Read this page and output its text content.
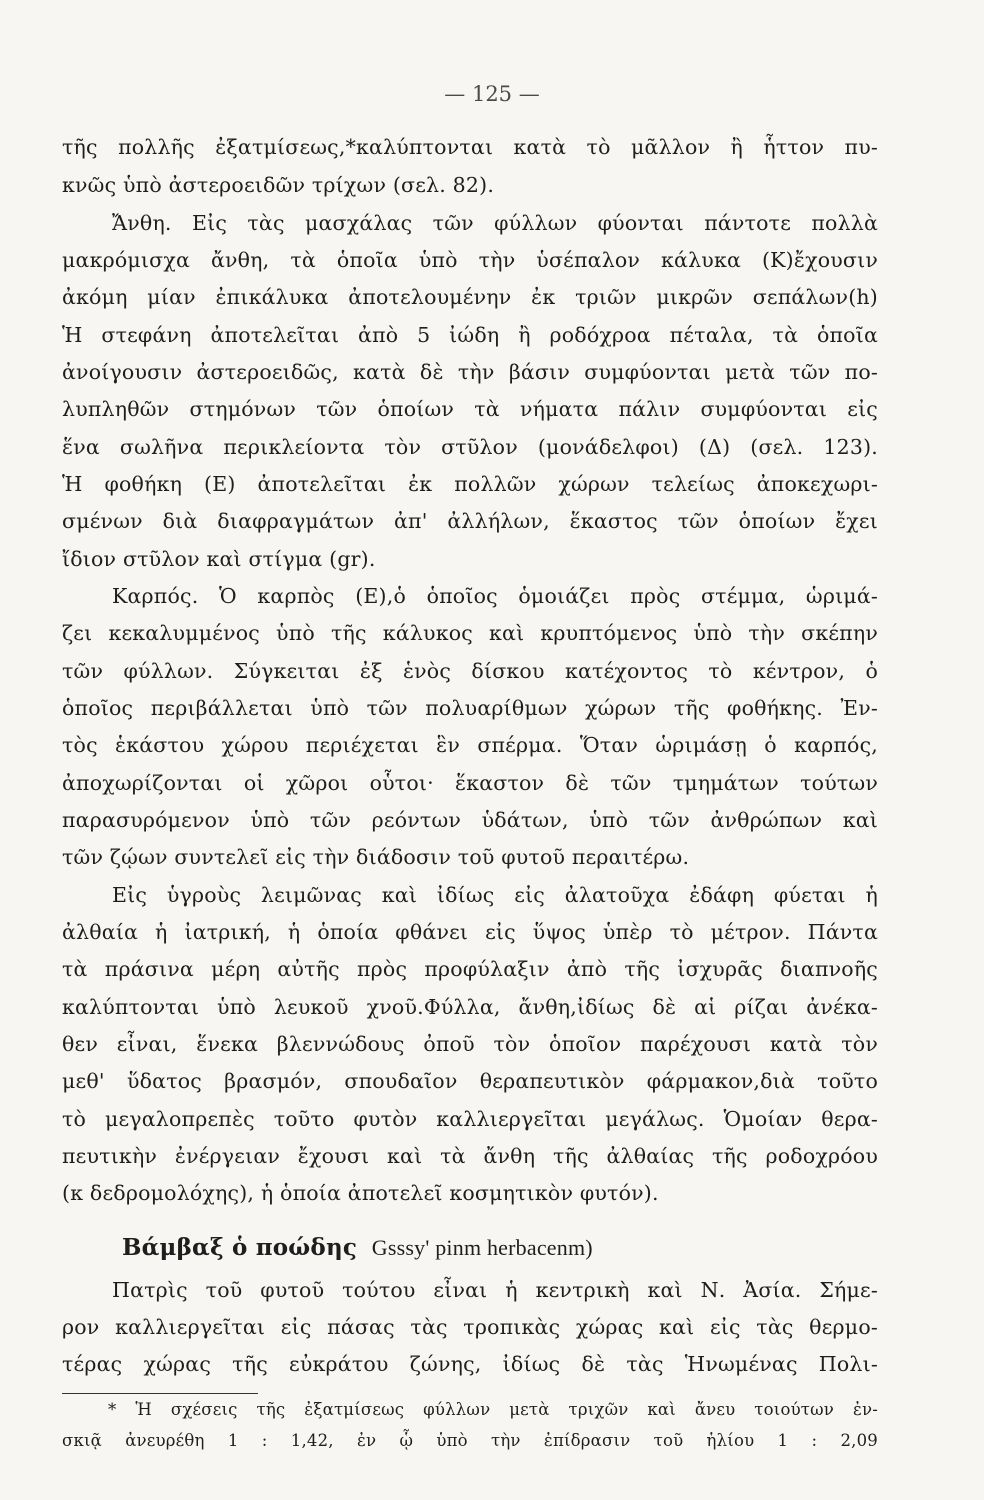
— 125 —
τῆς πολλῆς ἐξατμίσεως,*καλύπτονται κατὰ τὸ μᾶλλον ἢ ἧττον πυ-
κνῶς ὑπὸ ἀστεροειδῶν τρίχων (σελ. 82).
Ἄνθη. Εἰς τὰς μασχάλας τῶν φύλλων φύονται πάντοτε πολλὰ
μακρόμισχα ἄνθη, τὰ ὁποῖα ὑπὸ τὴν ὑσέπαλον κάλυκα (Κ)ἔχουσιν
ἀκόμη μίαν ἐπικάλυκα ἀποτελουμένην ἐκ τριῶν μικρῶν σεπάλων(h)
Ἡ στεφάνη ἀποτελεῖται ἀπὸ 5 ἰώδη ἢ ροδόχροα πέταλα, τὰ ὁποῖα
ἀνοίγουσιν ἀστεροειδῶς, κατὰ δὲ τὴν βάσιν συμφύονται μετὰ τῶν πο-
λυπληθῶν στημόνων τῶν ὁποίων τὰ νήματα πάλιν συμφύονται εἰς
ἕνα σωλῆνα περικλείοντα τὸν στῦλον (μονάδελφοι) (Δ) (σελ. 123).
Ἡ φοθήκη (Ε) ἀποτελεῖται ἐκ πολλῶν χώρων τελείως ἀποκεχωρι-
σμένων διὰ διαφραγμάτων ἀπ' ἀλλήλων, ἕκαστος τῶν ὁποίων ἔχει
ἴδιον στῦλον καὶ στίγμα (gr).
Καρπός. Ὁ καρπὸς (Ε),ὁ ὁποῖος ὁμοιάζει πρὸς στέμμα, ὡριμά-
ζει κεκαλυμμένος ὑπὸ τῆς κάλυκος καὶ κρυπτόμενος ὑπὸ τὴν σκέπην
τῶν φύλλων. Σύγκειται ἐξ ἑνὸς δίσκου κατέχοντος τὸ κέντρον, ὁ
ὁποῖος περιβάλλεται ὑπὸ τῶν πολυαρίθμων χώρων τῆς φοθήκης. Ἐν-
τὸς ἑκάστου χώρου περιέχεται ἓν σπέρμα. Ὅταν ὡριμάσῃ ὁ καρπός,
ἀποχωρίζονται οἱ χῶροι οὗτοι· ἕκαστον δὲ τῶν τμημάτων τούτων
παρασυρόμενον ὑπὸ τῶν ρεόντων ὑδάτων, ὑπὸ τῶν ἀνθρώπων καὶ
τῶν ζῴων συντελεῖ εἰς τὴν διάδοσιν τοῦ φυτοῦ περαιτέρω.
Εἰς ὑγροὺς λειμῶνας καὶ ἰδίως εἰς ἀλατοῦχα ἐδάφη φύεται ἡ
ἀλθαία ἡ ἰατρική, ἡ ὁποία φθάνει εἰς ὕψος ὑπὲρ τὸ μέτρον. Πάντα
τὰ πράσινα μέρη αὐτῆς πρὸς προφύλαξιν ἀπὸ τῆς ἰσχυρᾶς διαπνοῆς
καλύπτονται ὑπὸ λευκοῦ χνοῦ.Φύλλα, ἄνθη,ἰδίως δὲ αἱ ρίζαι ἀνέκα-
θεν εἶναι, ἕνεκα βλεννώδους ὀποῦ τὸν ὁποῖον παρέχουσι κατὰ τὸν
μεθ' ὕδατος βρασμόν, σπουδαῖον θεραπευτικὸν φάρμακον,διὰ τοῦτο
τὸ μεγαλοπρεπὲς τοῦτο φυτὸν καλλιεργεῖται μεγάλως. Ὁμοίαν θερα-
πευτικὴν ἐνέργειαν ἔχουσι καὶ τὰ ἄνθη τῆς ἀλθαίας τῆς ροδοχρόου
(κ δεδρομολόχης), ἡ ὁποία ἀποτελεῖ κοσμητικὸν φυτόν).
Βάμβαξ ὁ ποώδης Gsssy' pinm herbacenm)
Πατρὶς τοῦ φυτοῦ τούτου εἶναι ἡ κεντρικὴ καὶ Ν. Ἀσία. Σήμε-
ρον καλλιεργεῖται εἰς πάσας τὰς τροπικὰς χώρας καὶ εἰς τὰς θερμο-
τέρας χώρας τῆς εὐκράτου ζώνης, ἰδίως δὲ τὰς Ἡνωμένας Πολι-
* Ἡ σχέσεις τῆς ἐξατμίσεως φύλλων μετὰ τριχῶν καὶ ἄνευ τοιούτων ἐν-
σκιᾷ ἀνευρέθη 1 : 1,42, ἐν ᾧ ὑπὸ τὴν ἐπίδρασιν τοῦ ἡλίου 1 : 2,09
